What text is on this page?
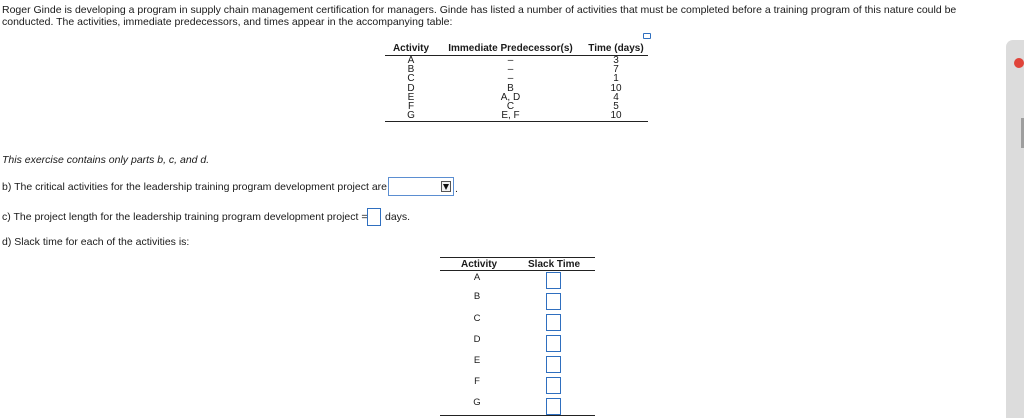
Roger Ginde is developing a program in supply chain management certification for managers. Ginde has listed a number of activities that must be completed before a training program of this nature could be conducted. The activities, immediate predecessors, and times appear in the accompanying table:
Activity	Immediate Predecessor(s)	Time (days)
A	–	3
B	–	7
C	–	1
D	B	10
E	A, D	4
F	C	5
G	E, F	10
This exercise contains only parts b, c, and d.
b) The critical activities for the leadership training program development project are	.
c) The project length for the leadership training program development project = days.
d) Slack time for each of the activities is:
Activity	Slack Time
A
B
C
D
E
F
G
